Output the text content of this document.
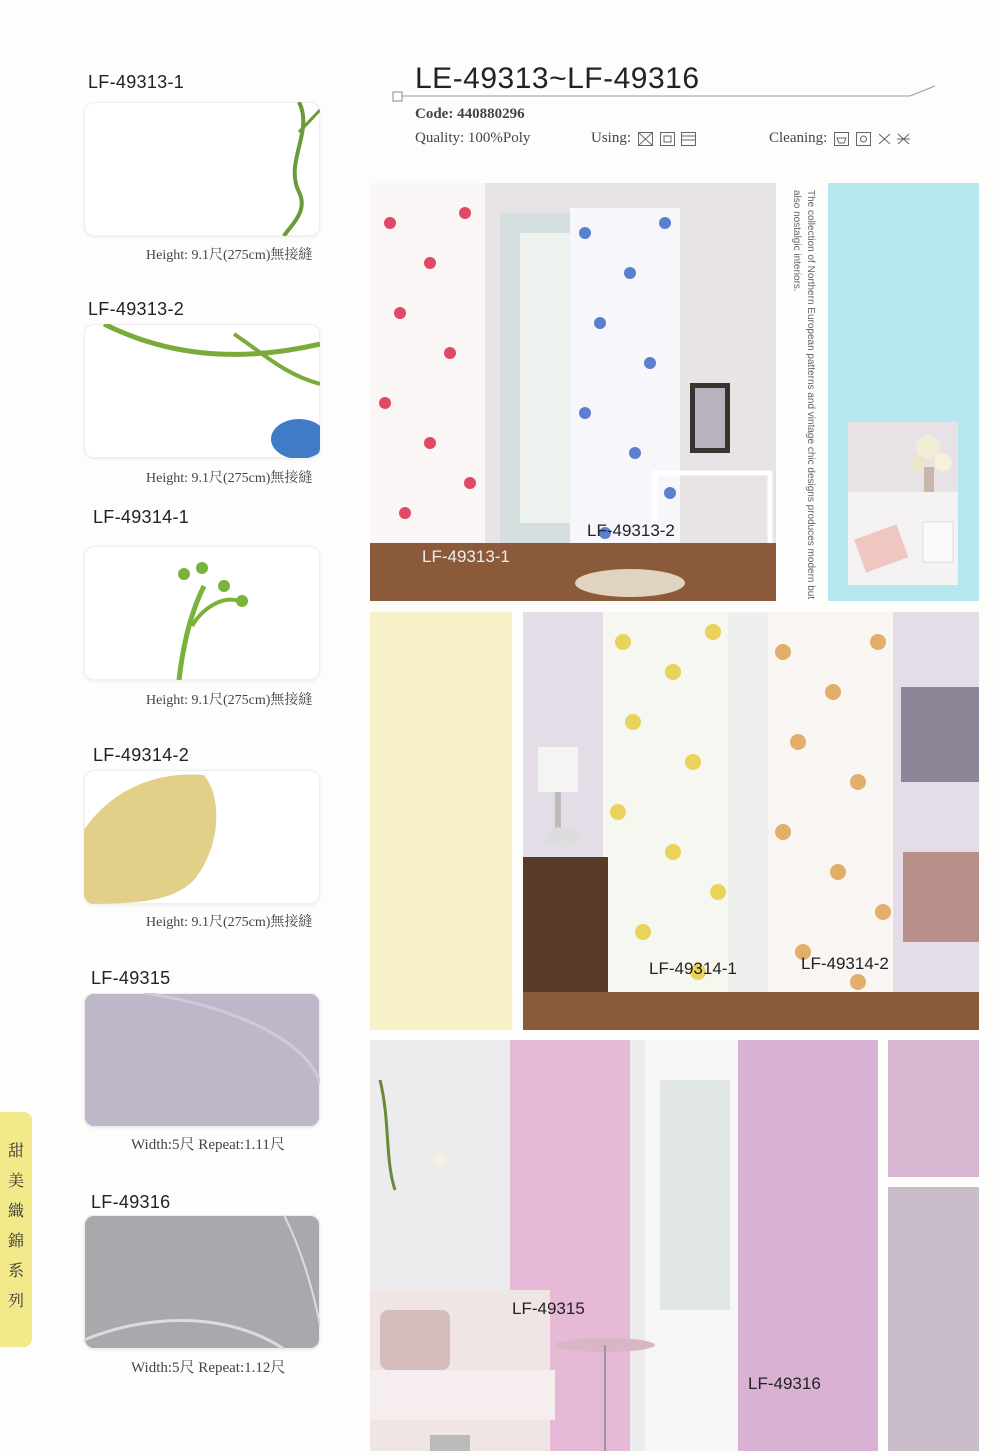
LE-49313~LF-49316
Code: 440880296
Quality: 100%Poly	Using:

	Cleaning:

LF-49313-1
Height: 9.1尺(275cm)無接縫
LF-49313-2
Height: 9.1尺(275cm)無接縫
LF-49314-1
Height: 9.1尺(275cm)無接縫
LF-49314-2
Height: 9.1尺(275cm)無接縫
LF-49315
Width:5尺 Repeat:1.11尺
LF-49316
Width:5尺 Repeat:1.12尺
甜
美
織
錦
系
列
LF-49313-1
LF-49313-2	The collection of Northern European patterns and vintage chic designs produces modern but also nostalgic interiors.
LF-49314-1	LF-49314-2
LF-49315
LF-49316
